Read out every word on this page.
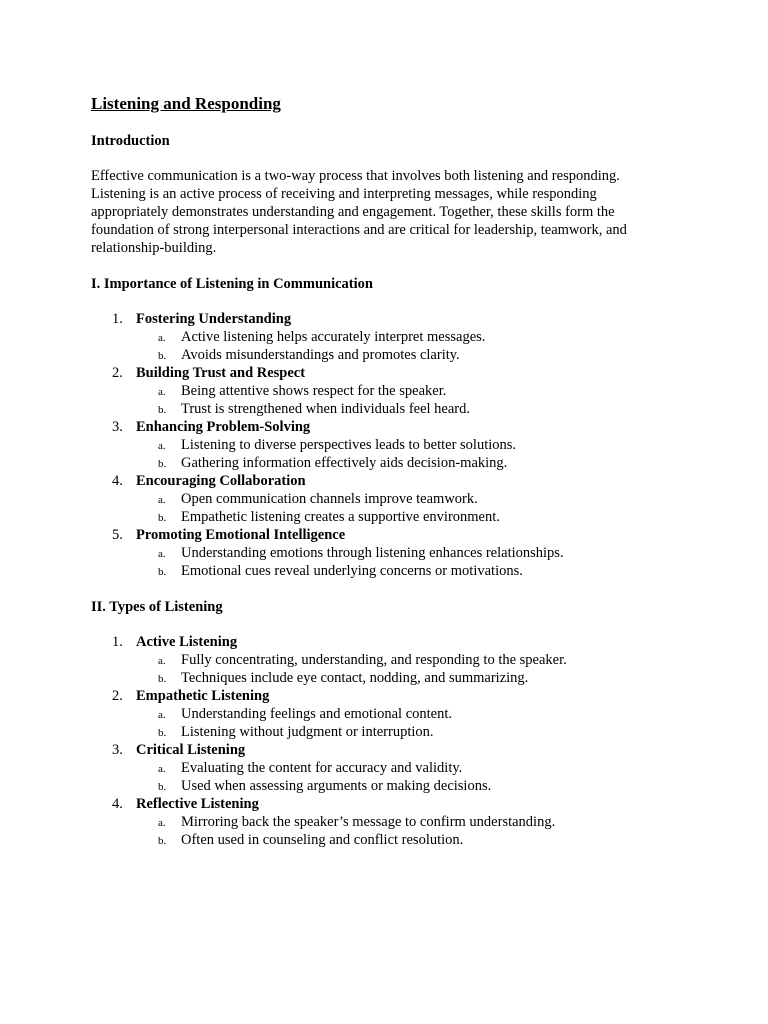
Listening and Responding
Introduction

Effective communication is a two-way process that involves both listening and responding. Listening is an active process of receiving and interpreting messages, while responding appropriately demonstrates understanding and engagement. Together, these skills form the foundation of strong interpersonal interactions and are critical for leadership, teamwork, and relationship-building.

I. Importance of Listening in Communication
1. Fostering Understanding
a. Active listening helps accurately interpret messages.
b. Avoids misunderstandings and promotes clarity.
2. Building Trust and Respect
a. Being attentive shows respect for the speaker.
b. Trust is strengthened when individuals feel heard.
3. Enhancing Problem-Solving
a. Listening to diverse perspectives leads to better solutions.
b. Gathering information effectively aids decision-making.
4. Encouraging Collaboration
a. Open communication channels improve teamwork.
b. Empathetic listening creates a supportive environment.
5. Promoting Emotional Intelligence
a. Understanding emotions through listening enhances relationships.
b. Emotional cues reveal underlying concerns or motivations.
II. Types of Listening
1. Active Listening
a. Fully concentrating, understanding, and responding to the speaker.
b. Techniques include eye contact, nodding, and summarizing.
2. Empathetic Listening
a. Understanding feelings and emotional content.
b. Listening without judgment or interruption.
3. Critical Listening
a. Evaluating the content for accuracy and validity.
b. Used when assessing arguments or making decisions.
4. Reflective Listening
a. Mirroring back the speaker’s message to confirm understanding.
b. Often used in counseling and conflict resolution.
